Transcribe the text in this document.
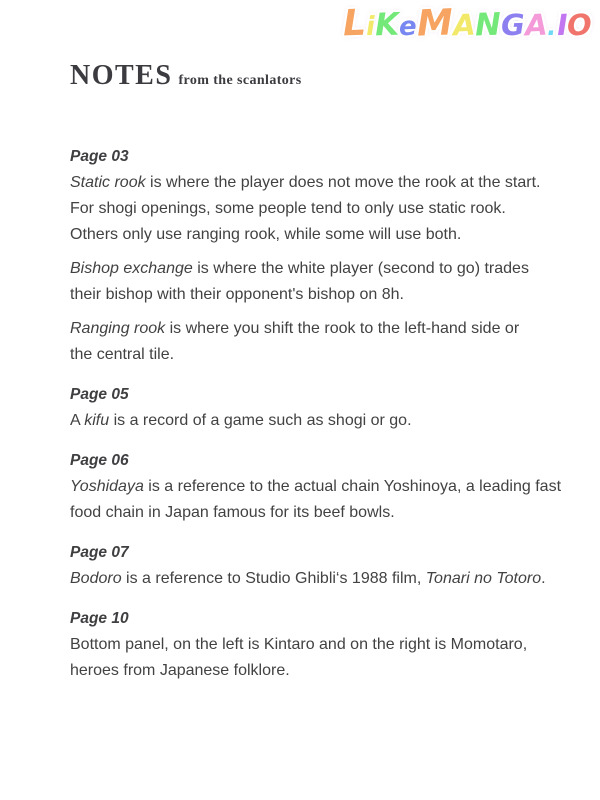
LiKeMANGA.IO
NOTES from the scanlators
Page 03
Static rook is where the player does not move the rook at the start.
For shogi openings, some people tend to only use static rook.
Others only use ranging rook, while some will use both.
Bishop exchange is where the white player (second to go) trades
their bishop with their opponent's bishop on 8h.
Ranging rook is where you shift the rook to the left-hand side or
the central tile.
Page 05
A kifu is a record of a game such as shogi or go.
Page 06
Yoshidaya is a reference to the actual chain Yoshinoya, a leading fast
food chain in Japan famous for its beef bowls.
Page 07
Bodoro is a reference to Studio Ghibli‘s 1988 film, Tonari no Totoro.
Page 10
Bottom panel, on the left is Kintaro and on the right is Momotaro,
heroes from Japanese folklore.
